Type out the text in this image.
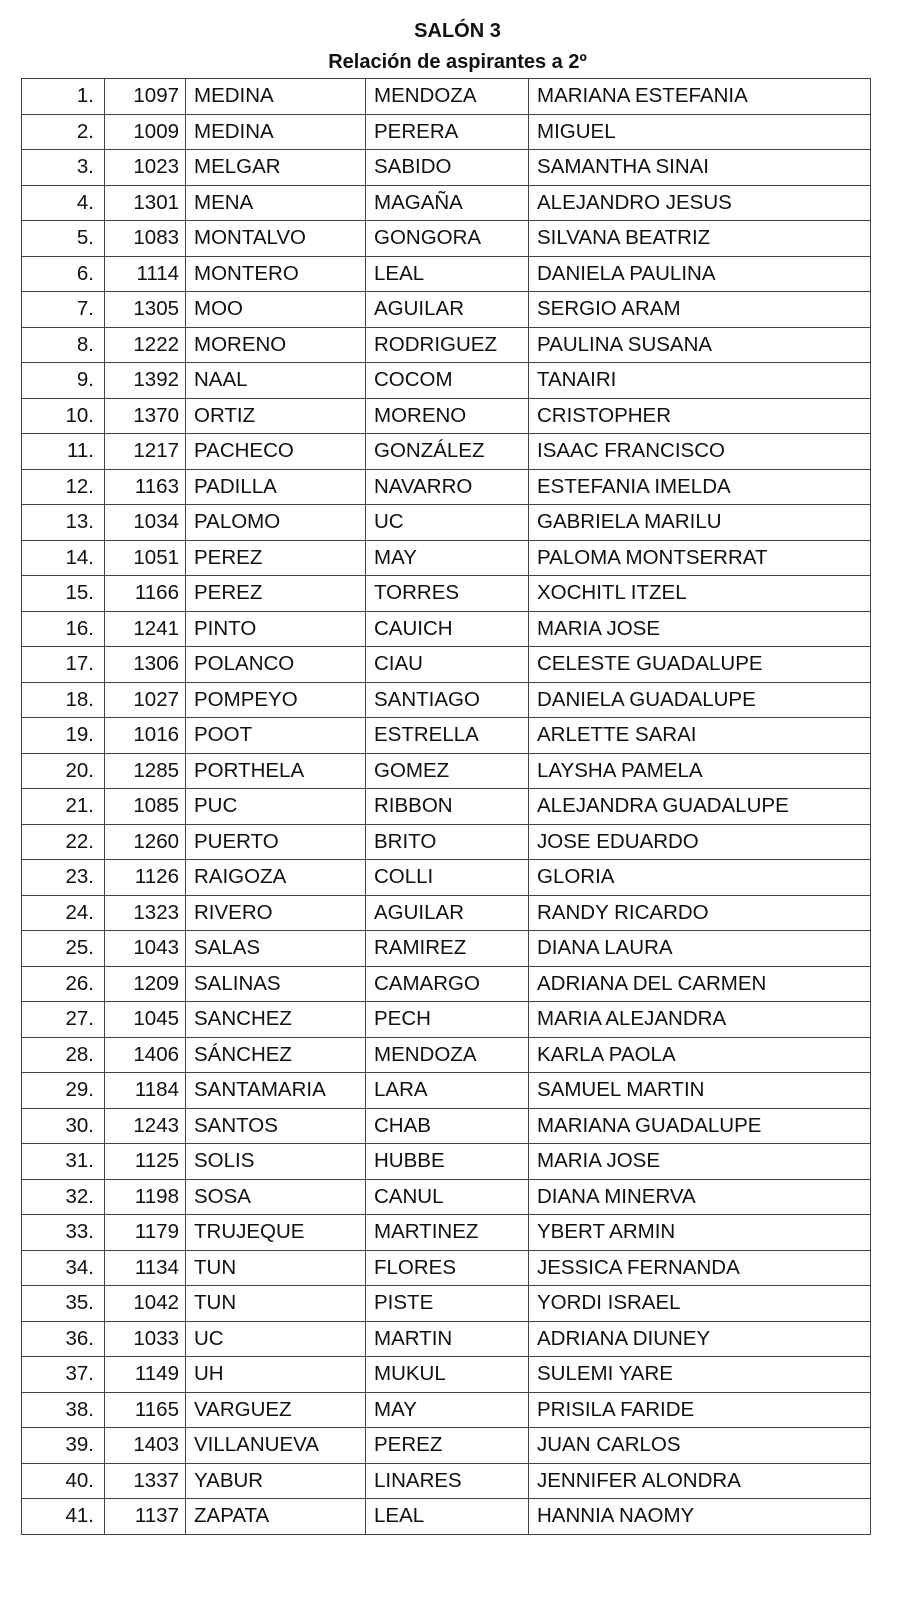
SALÓN 3
Relación de aspirantes a 2º
1.	1097	MEDINA	MENDOZA	MARIANA ESTEFANIA
2.	1009	MEDINA	PERERA	MIGUEL
3.	1023	MELGAR	SABIDO	SAMANTHA SINAI
4.	1301	MENA	MAGAÑA	ALEJANDRO JESUS
5.	1083	MONTALVO	GONGORA	SILVANA BEATRIZ
6.	1114	MONTERO	LEAL	DANIELA PAULINA
7.	1305	MOO	AGUILAR	SERGIO ARAM
8.	1222	MORENO	RODRIGUEZ	PAULINA SUSANA
9.	1392	NAAL	COCOM	TANAIRI
10.	1370	ORTIZ	MORENO	CRISTOPHER
11.	1217	PACHECO	GONZÁLEZ	ISAAC FRANCISCO
12.	1163	PADILLA	NAVARRO	ESTEFANIA IMELDA
13.	1034	PALOMO	UC	GABRIELA MARILU
14.	1051	PEREZ	MAY	PALOMA MONTSERRAT
15.	1166	PEREZ	TORRES	XOCHITL ITZEL
16.	1241	PINTO	CAUICH	MARIA JOSE
17.	1306	POLANCO	CIAU	CELESTE GUADALUPE
18.	1027	POMPEYO	SANTIAGO	DANIELA GUADALUPE
19.	1016	POOT	ESTRELLA	ARLETTE SARAI
20.	1285	PORTHELA	GOMEZ	LAYSHA PAMELA
21.	1085	PUC	RIBBON	ALEJANDRA GUADALUPE
22.	1260	PUERTO	BRITO	JOSE EDUARDO
23.	1126	RAIGOZA	COLLI	GLORIA
24.	1323	RIVERO	AGUILAR	RANDY RICARDO
25.	1043	SALAS	RAMIREZ	DIANA LAURA
26.	1209	SALINAS	CAMARGO	ADRIANA DEL CARMEN
27.	1045	SANCHEZ	PECH	MARIA ALEJANDRA
28.	1406	SÁNCHEZ	MENDOZA	KARLA PAOLA
29.	1184	SANTAMARIA	LARA	SAMUEL MARTIN
30.	1243	SANTOS	CHAB	MARIANA GUADALUPE
31.	1125	SOLIS	HUBBE	MARIA JOSE
32.	1198	SOSA	CANUL	DIANA MINERVA
33.	1179	TRUJEQUE	MARTINEZ	YBERT ARMIN
34.	1134	TUN	FLORES	JESSICA FERNANDA
35.	1042	TUN	PISTE	YORDI ISRAEL
36.	1033	UC	MARTIN	ADRIANA DIUNEY
37.	1149	UH	MUKUL	SULEMI YARE
38.	1165	VARGUEZ	MAY	PRISILA FARIDE
39.	1403	VILLANUEVA	PEREZ	JUAN CARLOS
40.	1337	YABUR	LINARES	JENNIFER ALONDRA
41.	1137	ZAPATA	LEAL	HANNIA NAOMY
